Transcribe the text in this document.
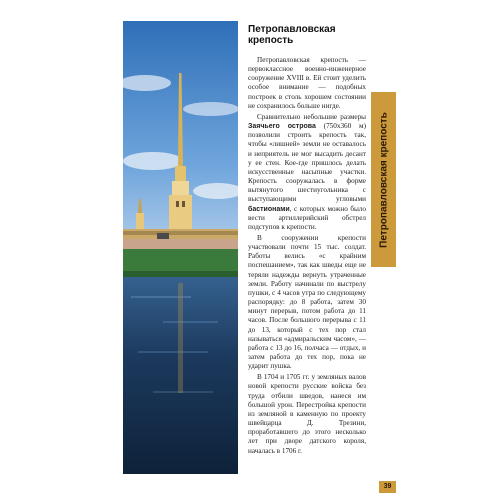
Петропавловская крепость

Петропавловская крепость — первоклассное военно-инженерное сооружение XVIII в. Ей стоит уделить особое внимание — подобных построек в столь хорошем состоянии не сохранилось больше нигде.

Сравнительно небольшие размеры Заячьего острова (750х360 м) позволили строить крепость так, чтобы «лишней» земли не оставалось и неприятель не мог высадить десант у ее стен. Кое-где пришлось делать искусственные насыпные участки. Крепость сооружалась в форме вытянутого шестиугольника с выступающими угловыми бастионами, с которых можно было вести артиллерийский обстрел подступов к крепости.

В сооружении крепости участвовали почти 15 тыс. солдат. Работы велись «с крайним поспешанием», так как шведы еще не теряли надежды вернуть утраченные земли. Работу начинали по выстрелу пушки, с 4 часов утра по следующему распорядку: до 8 работа, затем 30 минут перерыв, потом работа до 11 часов. После большого перерыва с 11 до 13, который с тех пор стал называться «адмиральским часом», — работа с 13 до 16, полчаса — отдых, и затем работа до тех пор, пока не ударит пушка.

В 1704 и 1705 гг. у земляных валов новой крепости русские войска без труда отбили шведов, нанеся им большой урон. Перестройка крепости из земляной в каменную по проекту швейцарца Д. Трезини, проработавшего до этого несколько лет при дворе датского короля, началась в 1706 г.

Петропавловская крепость
39
